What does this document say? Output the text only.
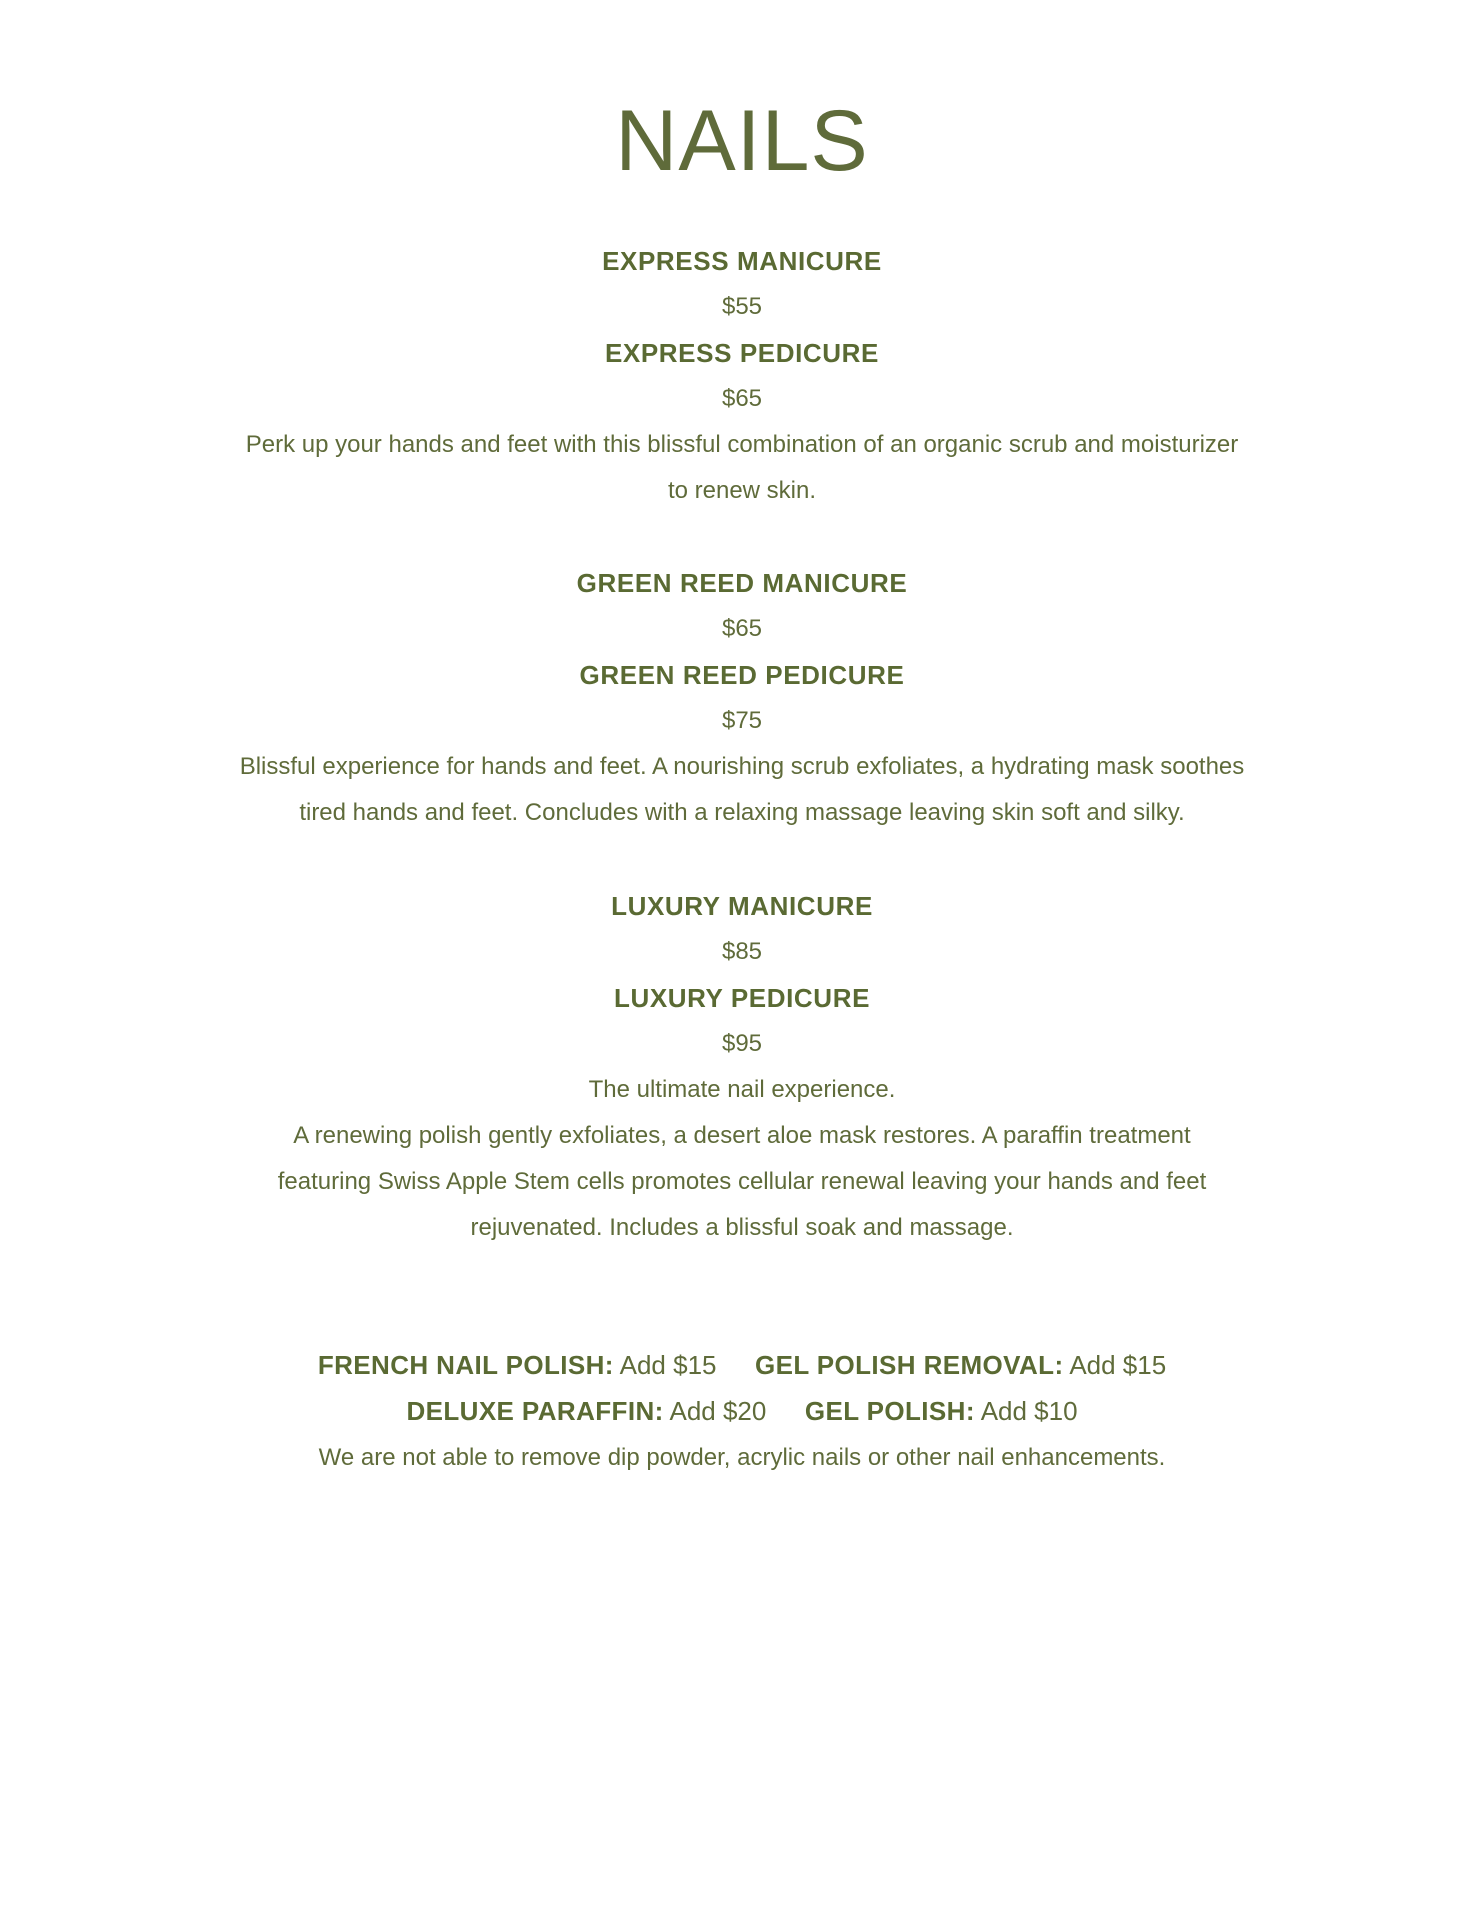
NAILS
EXPRESS MANICURE
$55
EXPRESS PEDICURE
$65
Perk up your hands and feet with this blissful combination of an organic scrub and moisturizer
to renew skin.
GREEN REED MANICURE
$65
GREEN REED PEDICURE
$75
Blissful experience for hands and feet. A nourishing scrub exfoliates, a hydrating mask soothes
tired hands and feet. Concludes with a relaxing massage leaving skin soft and silky.
LUXURY MANICURE
$85
LUXURY PEDICURE
$95
The ultimate nail experience.
A renewing polish gently exfoliates, a desert aloe mask restores. A paraffin treatment
featuring Swiss Apple Stem cells promotes cellular renewal leaving your hands and feet
rejuvenated. Includes a blissful soak and massage.
FRENCH NAIL POLISH: Add $15 GEL POLISH REMOVAL: Add $15
DELUXE PARAFFIN: Add $20 GEL POLISH: Add $10
We are not able to remove dip powder, acrylic nails or other nail enhancements.
